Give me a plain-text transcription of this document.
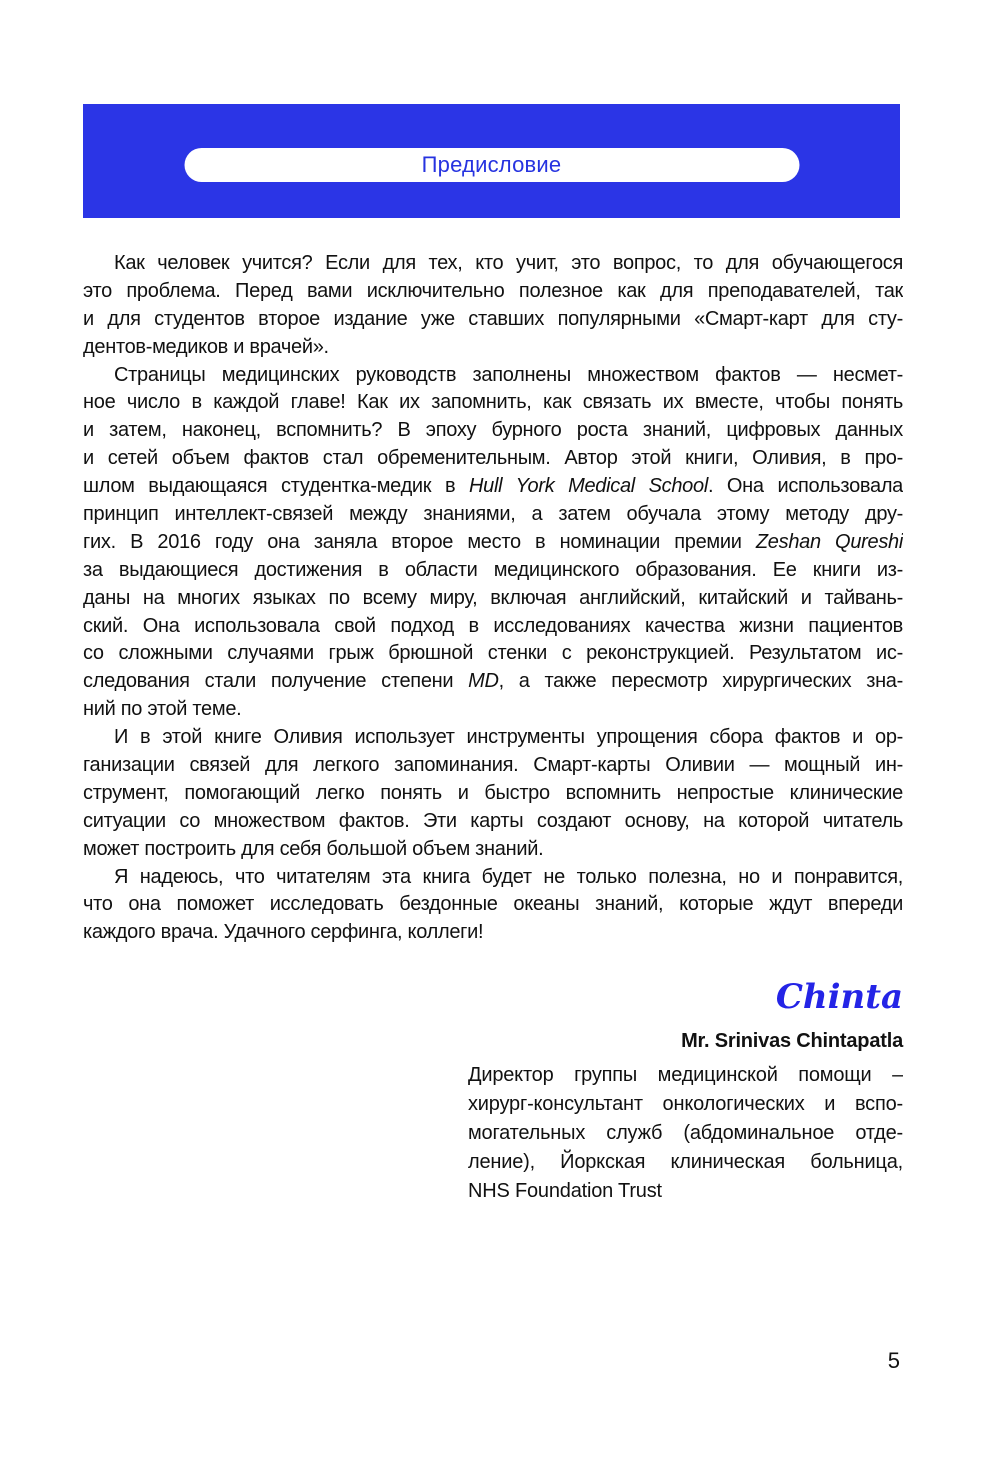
Предисловие
Как человек учится? Если для тех, кто учит, это вопрос, то для обучающегося
это проблема. Перед вами исключительно полезное как для преподавателей, так
и для студентов второе издание уже ставших популярными «Смарт-карт для сту-
дентов-медиков и врачей».
Страницы медицинских руководств заполнены множеством фактов — несмет-
ное число в каждой главе! Как их запомнить, как связать их вместе, чтобы понять
и затем, наконец, вспомнить? В эпоху бурного роста знаний, цифровых данных
и сетей объем фактов стал обременительным. Автор этой книги, Оливия, в про-
шлом выдающаяся студентка-медик в Hull York Medical School. Она использовала
принцип интеллект-связей между знаниями, а затем обучала этому методу дру-
гих. В 2016 году она заняла второе место в номинации премии Zeshan Qureshi
за выдающиеся достижения в области медицинского образования. Ее книги из-
даны на многих языках по всему миру, включая английский, китайский и тайвань-
ский. Она использовала свой подход в исследованиях качества жизни пациентов
со сложными случаями грыж брюшной стенки с реконструкцией. Результатом ис-
следования стали получение степени MD, а также пересмотр хирургических зна-
ний по этой теме.
И в этой книге Оливия использует инструменты упрощения сбора фактов и ор-
ганизации связей для легкого запоминания. Смарт-карты Оливии — мощный ин-
струмент, помогающий легко понять и быстро вспомнить непростые клинические
ситуации со множеством фактов. Эти карты создают основу, на которой читатель
может построить для себя большой объем знаний.
Я надеюсь, что читателям эта книга будет не только полезна, но и понравится,
что она поможет исследовать бездонные океаны знаний, которые ждут впереди
каждого врача. Удачного серфинга, коллеги!
Chinta
Mr. Srinivas Chintapatla
Директор группы медицинской помощи –
хирург-консультант онкологических и вспо-
могательных служб (абдоминальное отде-
ление), Йоркская клиническая больница,
NHS Foundation Trust
5
